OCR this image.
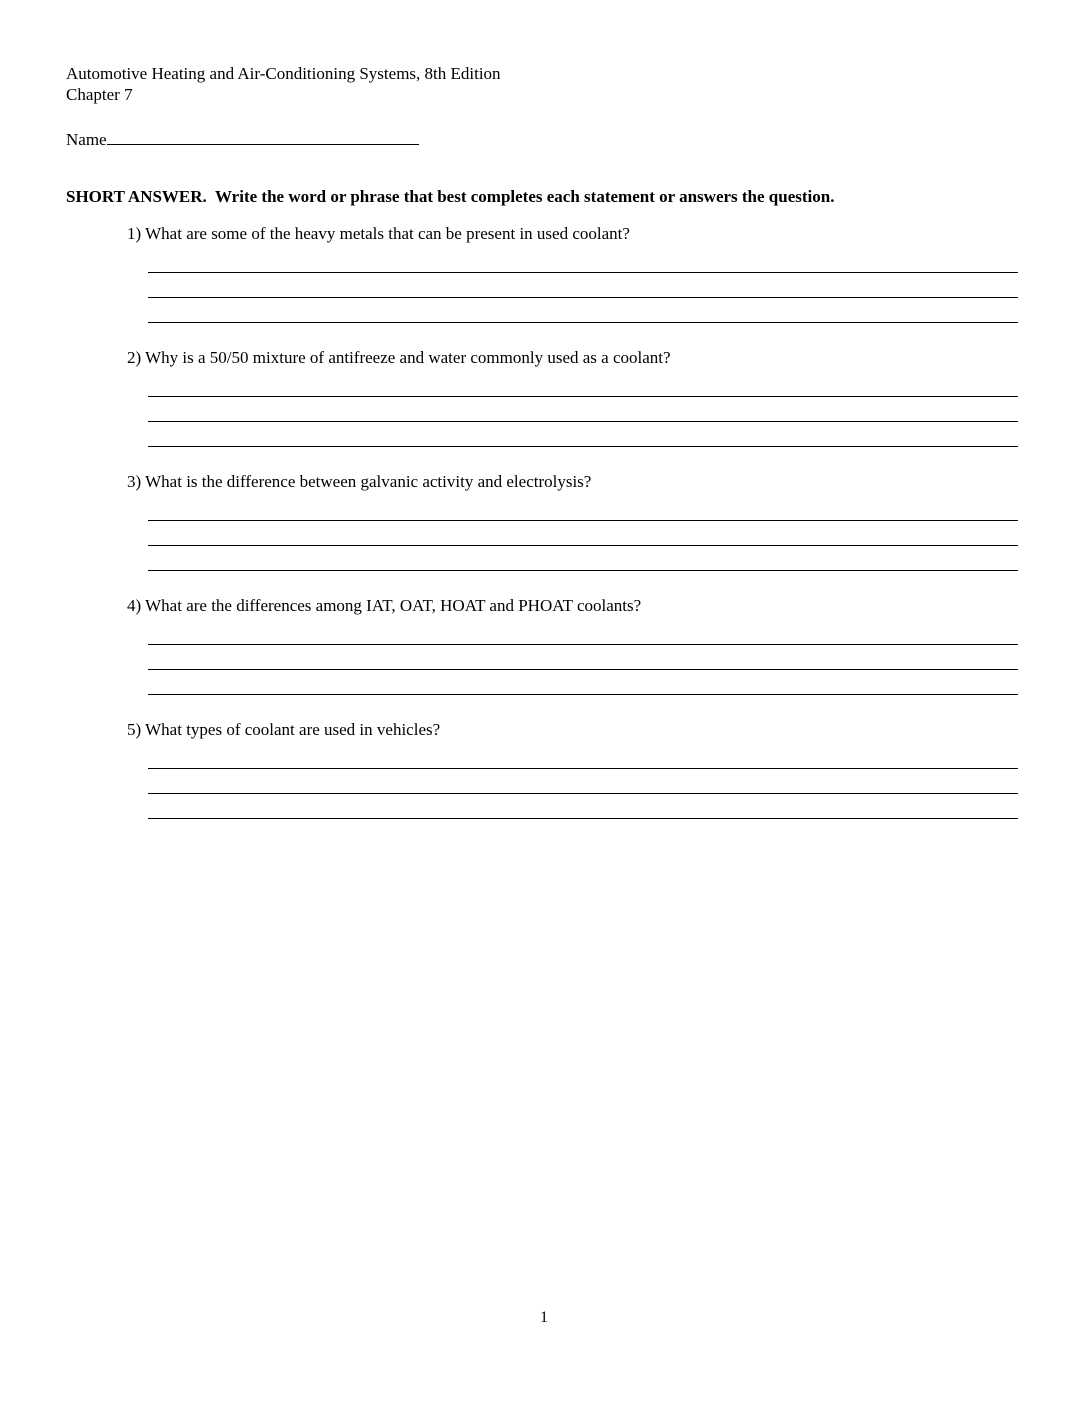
Automotive Heating and Air-Conditioning Systems, 8th Edition

Chapter 7

Name

SHORT ANSWER.  Write the word or phrase that best completes each statement or answers the question.

1) What are some of the heavy metals that can be present in used coolant?

2) Why is a 50/50 mixture of antifreeze and water commonly used as a coolant?

3) What is the difference between galvanic activity and electrolysis?

4) What are the differences among IAT, OAT, HOAT and PHOAT coolants?

5) What types of coolant are used in vehicles?

1
